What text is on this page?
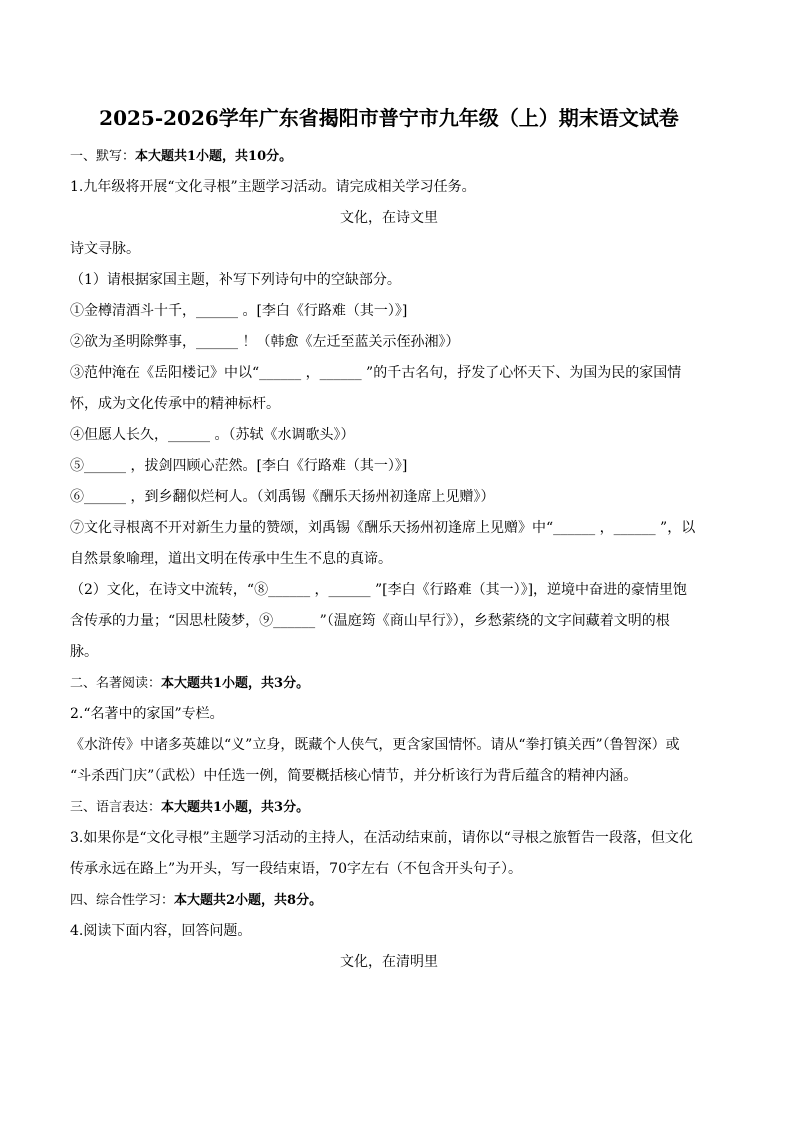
2025-2026学年广东省揭阳市普宁市九年级（上）期末语文试卷
一、默写：本大题共1小题，共10分。
1.九年级将开展“文化寻根”主题学习活动。请完成相关学习任务。
文化，在诗文里
诗文寻脉。
（1）请根据家国主题，补写下列诗句中的空缺部分。
①金樽清酒斗十千，______ 。[李白《行路难（其一）》]
②欲为圣明除弊事，______ ！（韩愈《左迁至蓝关示侄孙湘》）
③范仲淹在《岳阳楼记》中以“______ ，______ ”的千古名句，抒发了心怀天下、为国为民的家国情
怀，成为文化传承中的精神标杆。
④但愿人长久，______ 。（苏轼《水调歌头》）
⑤______ ，拔剑四顾心茫然。[李白《行路难（其一）》]
⑥______ ，到乡翻似烂柯人。（刘禹锡《酬乐天扬州初逢席上见赠》）
⑦文化寻根离不开对新生力量的赞颂，刘禹锡《酬乐天扬州初逢席上见赠》中“______ ，______ ”，以
自然景象喻理，道出文明在传承中生生不息的真谛。
（2）文化，在诗文中流转，“⑧______ ，______ ”[李白《行路难（其一）》]，逆境中奋进的豪情里饱
含传承的力量；“因思杜陵梦，⑨______ ”（温庭筠《商山早行》），乡愁萦绕的文字间藏着文明的根
脉。
二、名著阅读：本大题共1小题，共3分。
2.“名著中的家国”专栏。
《水浒传》中诸多英雄以“义”立身，既藏个人侠气，更含家国情怀。请从“拳打镇关西”（鲁智深）或
“斗杀西门庆”（武松）中任选一例，简要概括核心情节，并分析该行为背后蕴含的精神内涵。
三、语言表达：本大题共1小题，共3分。
3.如果你是“文化寻根”主题学习活动的主持人，在活动结束前，请你以“寻根之旅暂告一段落，但文化
传承永远在路上”为开头，写一段结束语，70字左右（不包含开头句子）。
四、综合性学习：本大题共2小题，共8分。
4.阅读下面内容，回答问题。
文化，在清明里
